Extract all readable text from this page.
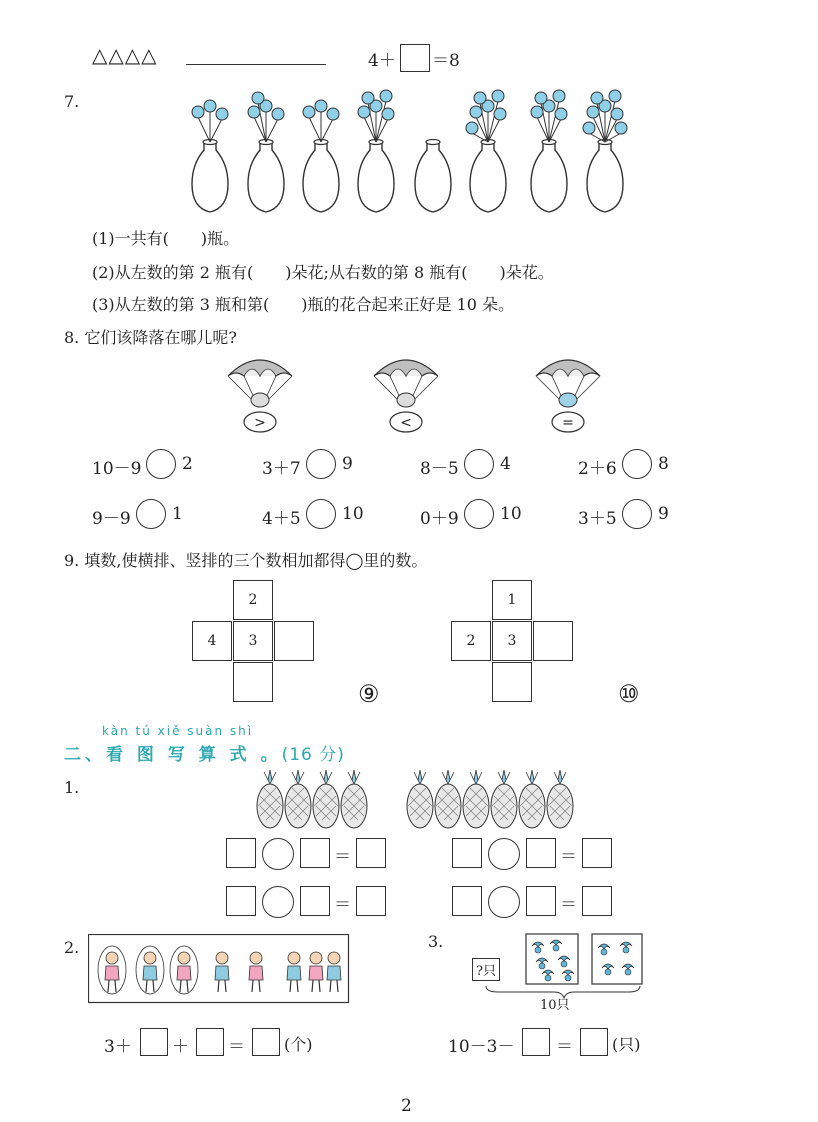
△△△△	4＋ ＝8
7.
(1)一共有(　　)瓶。
(2)从左数的第 2 瓶有(　　)朵花;从右数的第 8 瓶有(　　)朵花。
(3)从左数的第 3 瓶和第(　　)瓶的花合起来正好是 10 朵。
8. 它们该降落在哪儿呢?
>	<	=
10－9 2	3＋7 9	8－5 4	2＋6 8
9－9 1	4＋5 10	0＋9 10	3＋5 9
9. 填数,使横排、竖排的三个数相加都得◯里的数。
2
4	3
⑨
1
2	3
⑩
kàn tú xiě suàn shì
二、看 图 写 算 式 。(16 分)
1.
＝	＝
＝	＝
2.
3＋ ＋ ＝ (个)
3.
?只
10只
10－3－ ＝ (只)
2
